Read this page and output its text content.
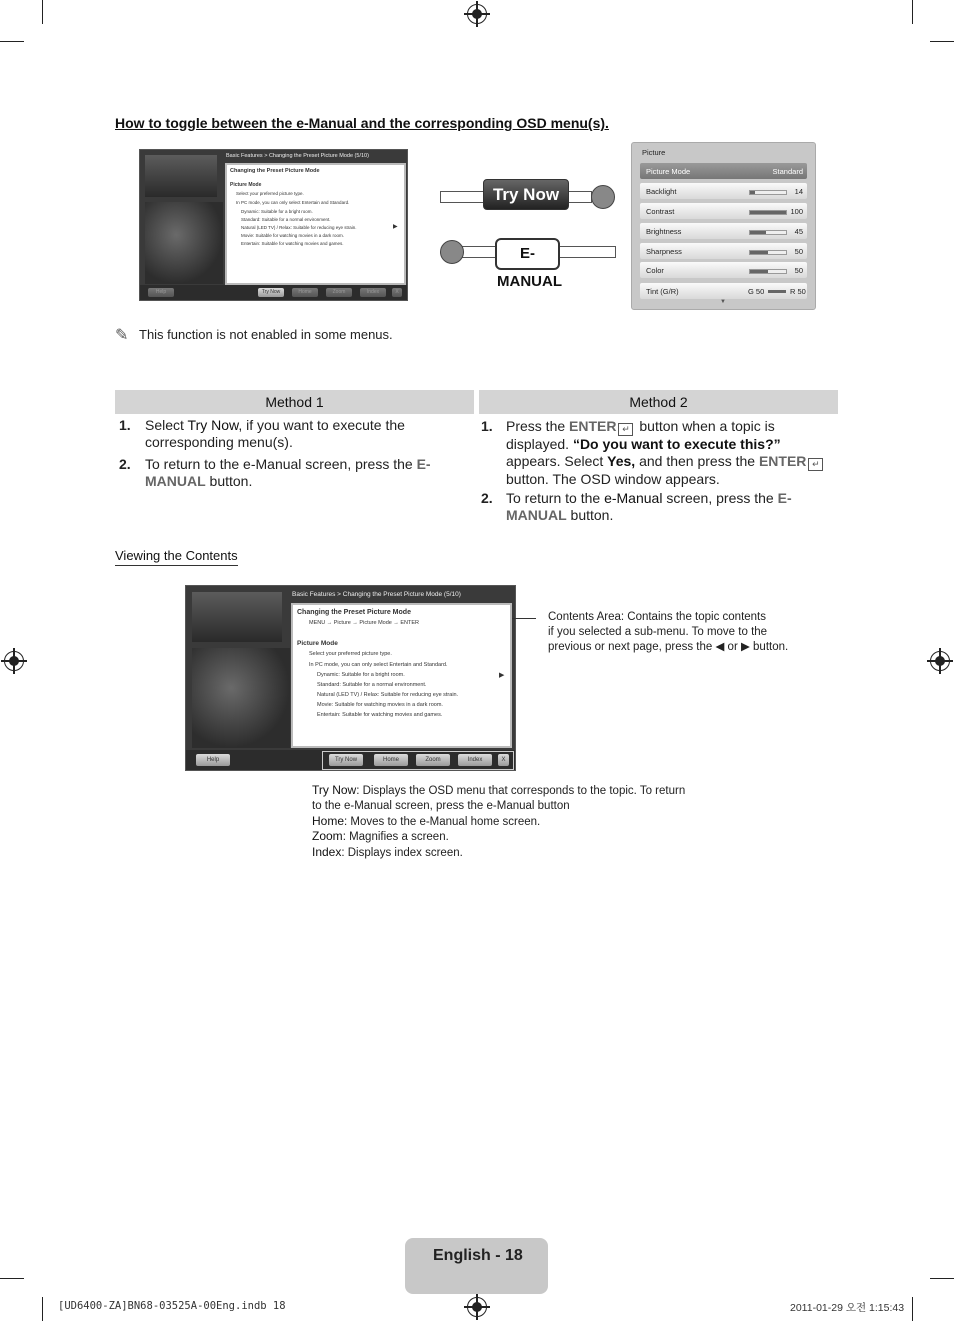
How to toggle between the e-Manual and the corresponding OSD menu(s).
Basic Features > Changing the Preset Picture Mode (5/10)
Changing the Preset Picture Mode
Picture Mode
Select your preferred picture type.
In PC mode, you can only select Entertain and Standard.
Dynamic: Suitable for a bright room.
Standard: Suitable for a normal environment.
Natural (LED TV) / Relax: Suitable for reducing eye strain.
Movie: Suitable for watching movies in a dark room.
Entertain: Suitable for watching movies and games.
▶
Help	Try Now	Home	Zoom	Index	X
Try Now
E-MANUAL
Picture
Picture Mode	Standard
Backlight	14
Contrast	100
Brightness	45
Sharpness	50
Color	50
Tint (G/R)	G 50	R 50
▼
✎ This function is not enabled in some menus.
Method 1	Method 2
1. Select Try Now, if you want to execute the corresponding menu(s).
2. To return to the e-Manual screen, press the E-MANUAL button.
1. Press the ENTER ↵ button when a topic is displayed. “Do you want to execute this?” appears. Select Yes, and then press the ENTER ↵ button. The OSD window appears.
2. To return to the e-Manual screen, press the E-MANUAL button.
Viewing the Contents
Basic Features > Changing the Preset Picture Mode (5/10)
Changing the Preset Picture Mode
MENU → Picture → Picture Mode → ENTER
Picture Mode
Select your preferred picture type.
In PC mode, you can only select Entertain and Standard.
Dynamic: Suitable for a bright room.
Standard: Suitable for a normal environment.
Natural (LED TV) / Relax: Suitable for reducing eye strain.
Movie: Suitable for watching movies in a dark room.
Entertain: Suitable for watching movies and games.
▶
Help	Try Now	Home	Zoom	Index	X
Contents Area: Contains the topic contents
if you selected a sub-menu. To move to the
previous or next page, press the ◀ or ▶ button.
Try Now: Displays the OSD menu that corresponds to the topic. To return
to the e-Manual screen, press the e-Manual button
Home: Moves to the e-Manual home screen.
Zoom: Magnifies a screen.
Index: Displays index screen.
English - 18
[UD6400-ZA]BN68-03525A-00Eng.indb 18	2011-01-29 오전 1:15:43
